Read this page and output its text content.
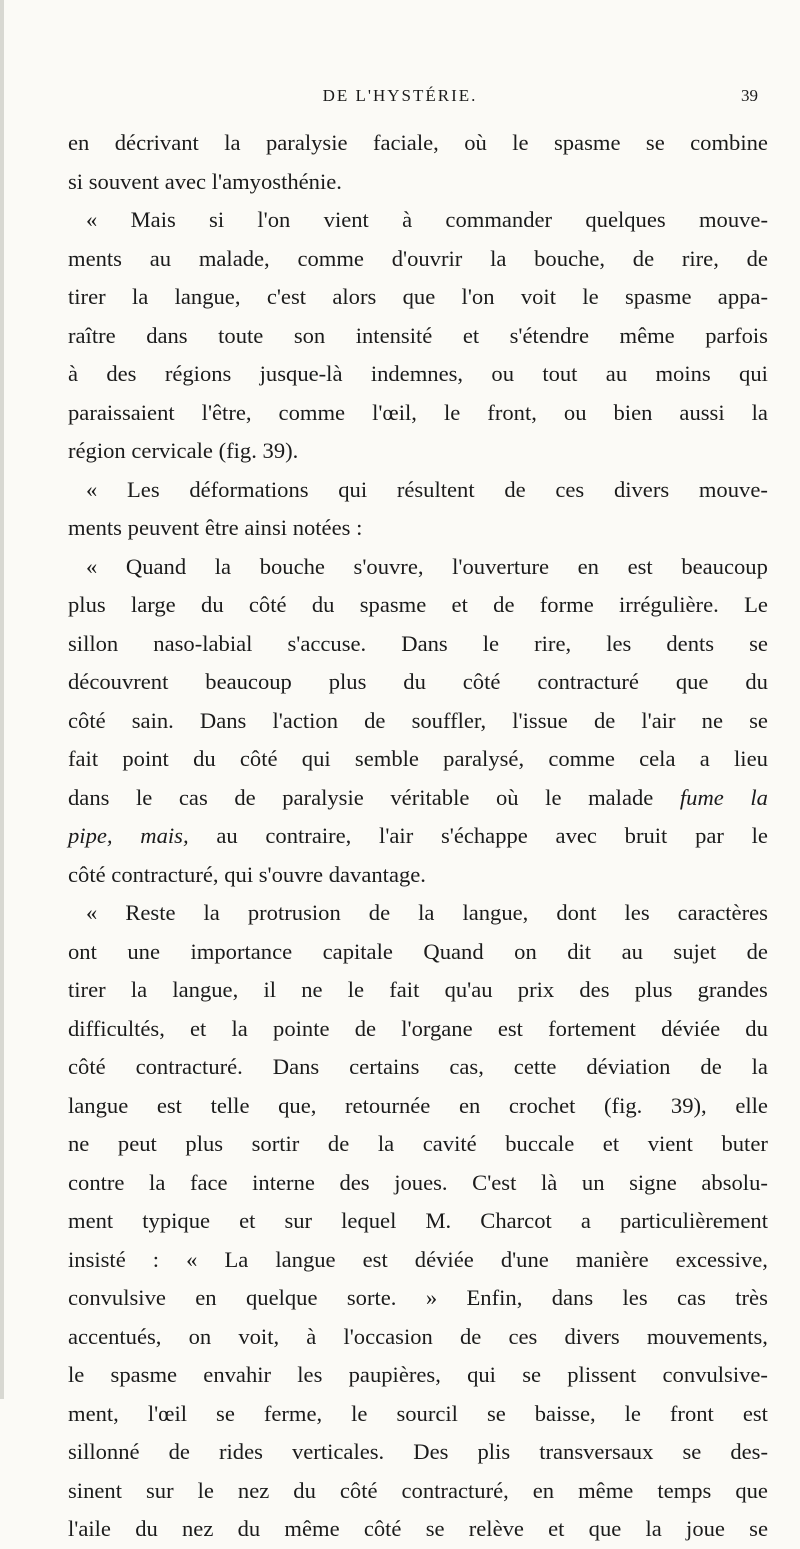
DE L'HYSTÉRIE.	39
en décrivant la paralysie faciale, où le spasme se combine
si
souvent
avec
l'amyosthénie.
« Mais si l'on vient à commander quelques mouve-
ments au malade, comme d'ouvrir la bouche, de rire, de
tirer la langue, c'est alors que l'on voit le spasme appa-
raître dans toute son intensité et s'étendre même parfois
à des régions jusque-là indemnes, ou tout au moins qui
paraissaient l'être, comme l'œil, le front, ou bien aussi la
région
cervicale
(fig.
39).
« Les déformations qui résultent de ces divers mouve-
ments
peuvent
être
ainsi
notées
:
« Quand la bouche s'ouvre, l'ouverture en est beaucoup
plus large du côté du spasme et de forme irrégulière. Le
sillon naso-labial s'accuse. Dans le rire, les dents se
découvrent beaucoup plus du côté contracturé que du
côté sain. Dans l'action de souffler, l'issue de l'air ne se
fait point du côté qui semble paralysé, comme cela a lieu
dans le cas de paralysie véritable où le malade fume la
pipe, mais, au contraire, l'air s'échappe avec bruit par le
côté
contracturé,
qui
s'ouvre
davantage.
« Reste la protrusion de la langue, dont les caractères
ont une importance capitale Quand on dit au sujet de
tirer la langue, il ne le fait qu'au prix des plus grandes
difficultés, et la pointe de l'organe est fortement déviée du
côté contracturé. Dans certains cas, cette déviation de la
langue est telle que, retournée en crochet (fig. 39), elle
ne peut plus sortir de la cavité buccale et vient buter
contre la face interne des joues. C'est là un signe absolu-
ment typique et sur lequel M. Charcot a particulièrement
insisté : « La langue est déviée d'une manière excessive,
convulsive en quelque sorte. » Enfin, dans les cas très
accentués, on voit, à l'occasion de ces divers mouvements,
le spasme envahir les paupières, qui se plissent convulsive-
ment, l'œil se ferme, le sourcil se baisse, le front est
sillonné de rides verticales. Des plis transversaux se des-
sinent sur le nez du côté contracturé, en même temps que
l'aile du nez du même côté se relève et que la joue se
